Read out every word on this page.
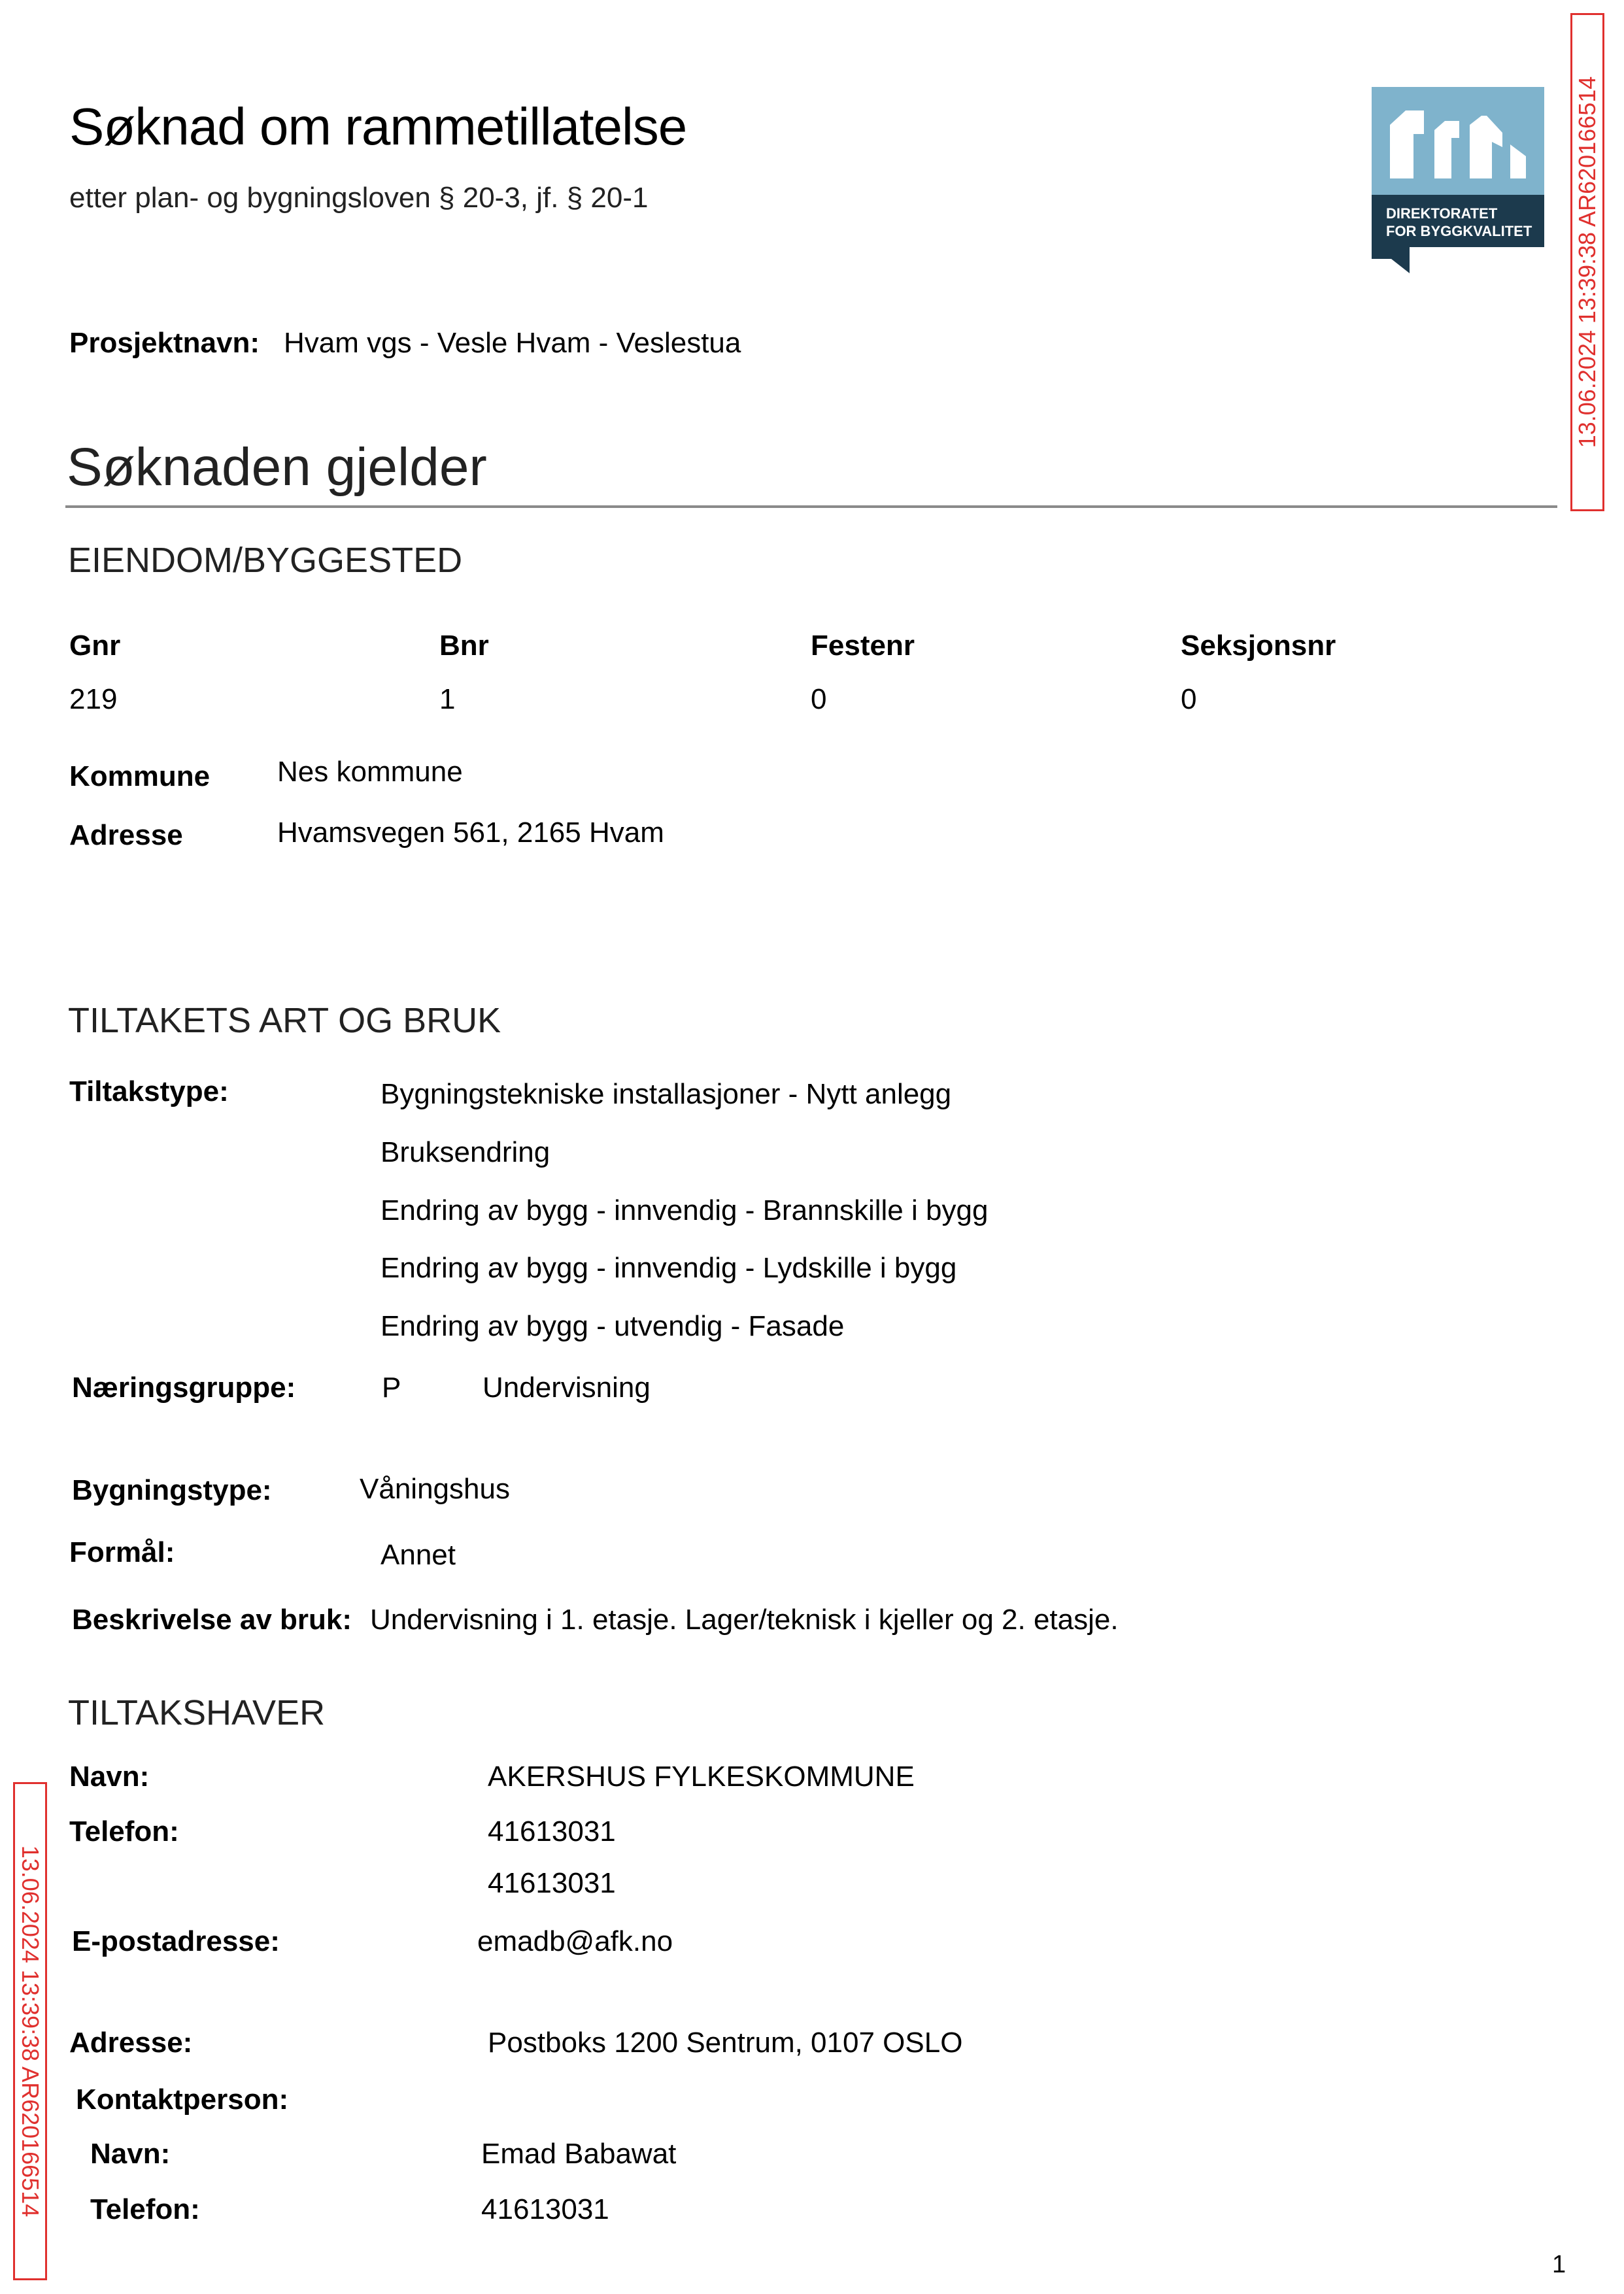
Søknad om rammetillatelse
etter plan- og bygningsloven § 20-3, jf. § 20-1	DIREKTORATET
FOR BYGGKVALITET
Prosjektnavn: Hvam vgs - Vesle Hvam - Veslestua
Søknaden gjelder
EIENDOM/BYGGESTED
Gnr	Bnr	Festenr	Seksjonsnr
219	1	0	0
Kommune Nes kommune
Adresse	Hvamsvegen 561, 2165 Hvam
TILTAKETS ART OG BRUK
Tiltakstype:	Bygningstekniske installasjoner - Nytt anlegg
Bruksendring
Endring av bygg - innvendig - Brannskille i bygg
Endring av bygg - innvendig - Lydskille i bygg
Endring av bygg - utvendig - Fasade
Næringsgruppe:	P	Undervisning
Bygningstype:	Våningshus
Formål:	Annet
Beskrivelse av bruk: Undervisning i 1. etasje. Lager/teknisk i kjeller og 2. etasje.
TILTAKSHAVER
Navn:	AKERSHUS FYLKESKOMMUNE
Telefon:	41613031
41613031
E-postadresse:	emadb@afk.no
Adresse:	Postboks 1200 Sentrum, 0107 OSLO
Kontaktperson:
Navn:	Emad Babawat
Telefon:	41613031
13.06.2024 13:39:38 AR620166514
13.06.2024 13:39:38 AR620166514
1
